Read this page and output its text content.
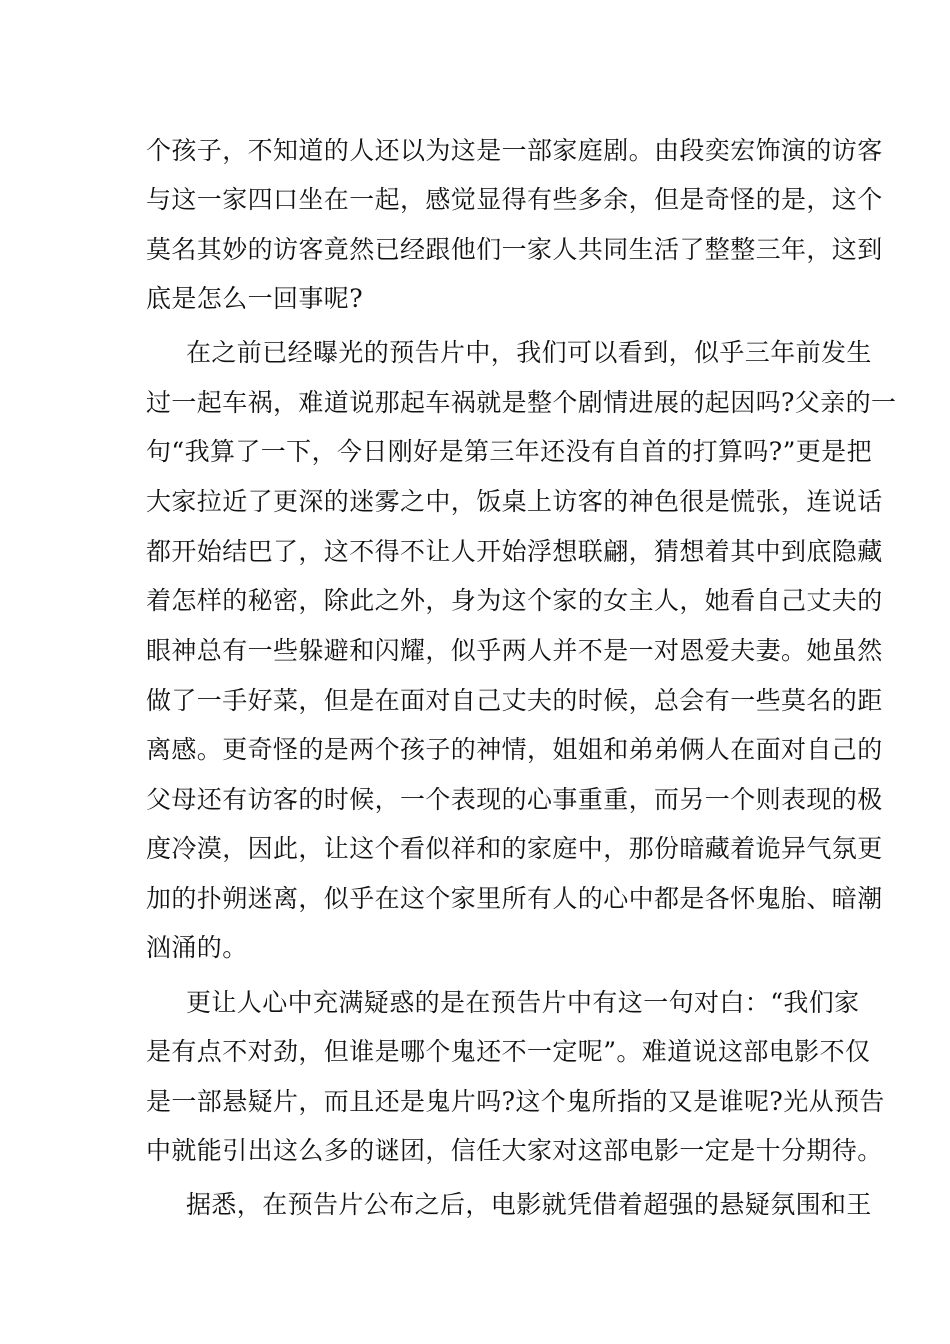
个孩子，不知道的人还以为这是一部家庭剧。由段奕宏饰演的访客
与这一家四口坐在一起，感觉显得有些多余，但是奇怪的是，这个
莫名其妙的访客竟然已经跟他们一家人共同生活了整整三年，这到
底是怎么一回事呢?
在之前已经曝光的预告片中，我们可以看到，似乎三年前发生
过一起车祸，难道说那起车祸就是整个剧情进展的起因吗?父亲的一
句“我算了一下，今日刚好是第三年还没有自首的打算吗?”更是把
大家拉近了更深的迷雾之中，饭桌上访客的神色很是慌张，连说话
都开始结巴了，这不得不让人开始浮想联翩，猜想着其中到底隐藏
着怎样的秘密，除此之外，身为这个家的女主人，她看自己丈夫的
眼神总有一些躲避和闪耀，似乎两人并不是一对恩爱夫妻。她虽然
做了一手好菜，但是在面对自己丈夫的时候，总会有一些莫名的距
离感。更奇怪的是两个孩子的神情，姐姐和弟弟俩人在面对自己的
父母还有访客的时候，一个表现的心事重重，而另一个则表现的极
度冷漠，因此，让这个看似祥和的家庭中，那份暗藏着诡异气氛更
加的扑朔迷离，似乎在这个家里所有人的心中都是各怀鬼胎、暗潮
汹涌的。
更让人心中充满疑惑的是在预告片中有这一句对白：“我们家
是有点不对劲，但谁是哪个鬼还不一定呢”。难道说这部电影不仅
是一部悬疑片，而且还是鬼片吗?这个鬼所指的又是谁呢?光从预告
中就能引出这么多的谜团，信任大家对这部电影一定是十分期待。
据悉，在预告片公布之后，电影就凭借着超强的悬疑氛围和王
